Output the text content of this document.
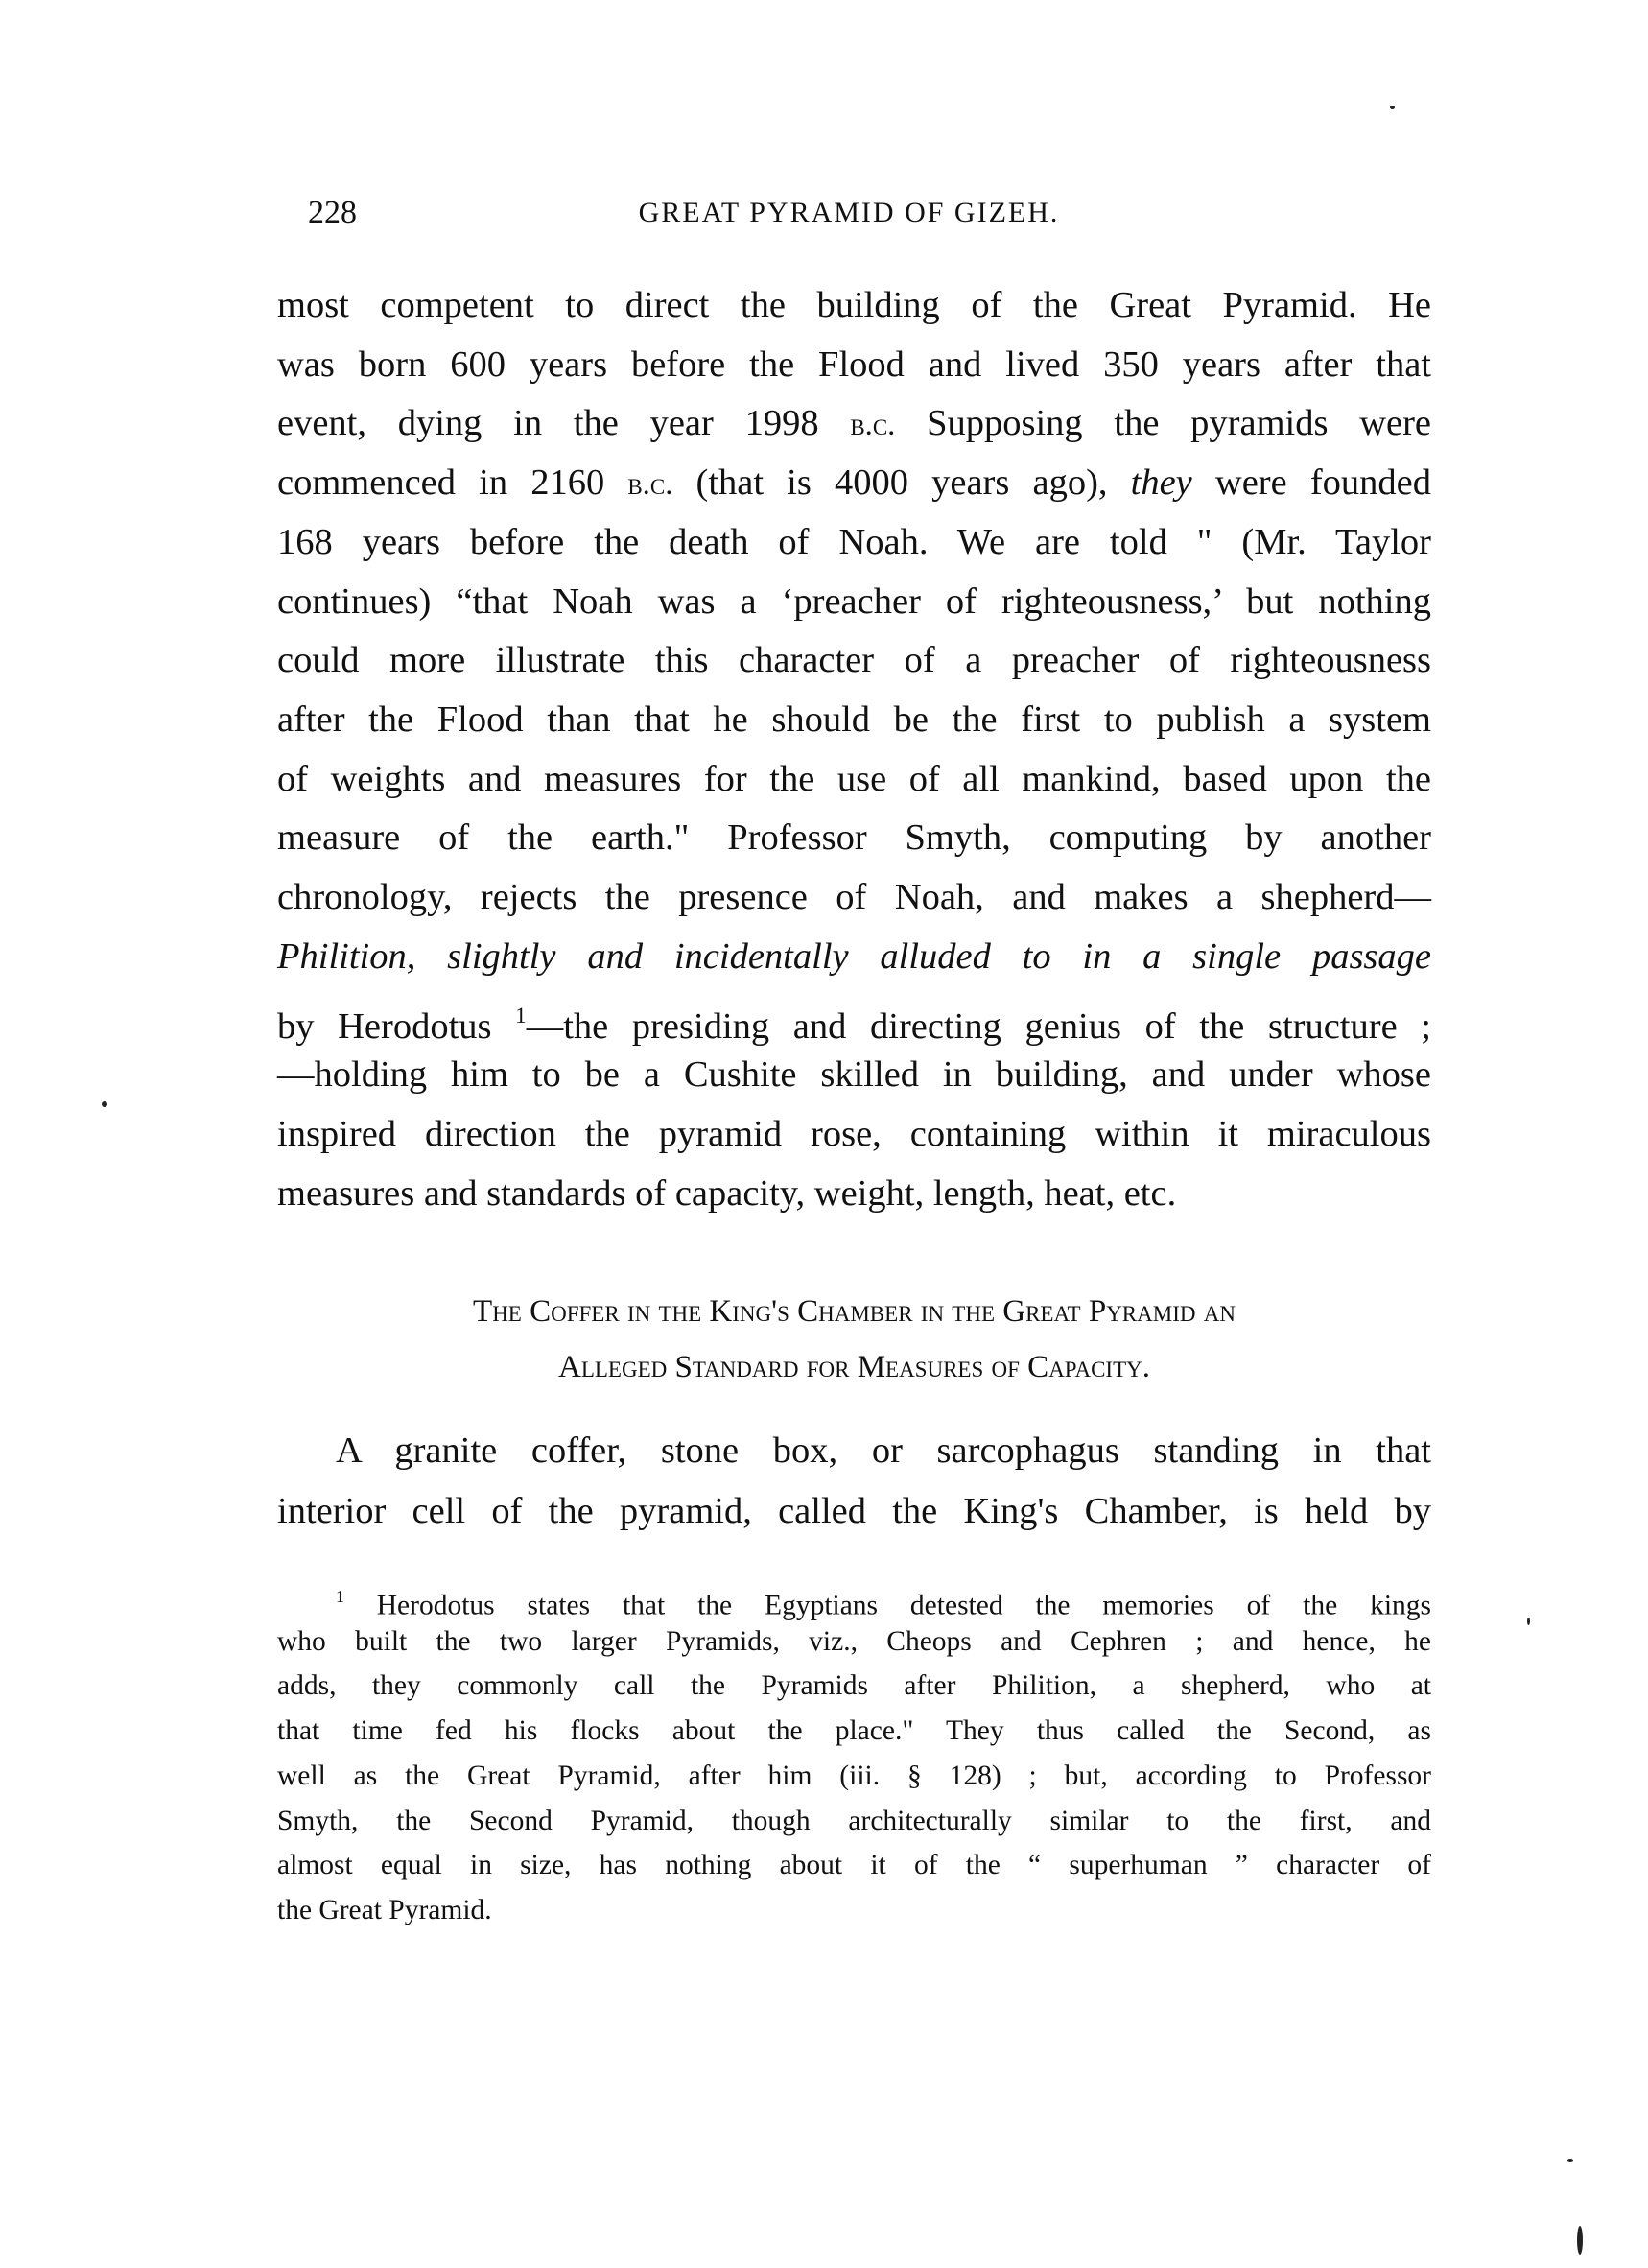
228	GREAT PYRAMID OF GIZEH.
most competent to direct the building of the Great Pyramid. He
was born 600 years before the Flood and lived 350 years after that
event, dying in the year 1998 b.c. Supposing the pyramids were
commenced in 2160 b.c. (that is 4000 years ago), they were founded
168 years before the death of Noah. We are told " (Mr. Taylor
continues) “that Noah was a ‘preacher of righteousness,’ but nothing
could more illustrate this character of a preacher of righteousness
after the Flood than that he should be the first to publish a system
of weights and measures for the use of all mankind, based upon the
measure of the earth." Professor Smyth, computing by another
chronology, rejects the presence of Noah, and makes a shepherd—
Philition, slightly and incidentally alluded to in a single passage
by Herodotus $^1$—the presiding and directing genius of the structure ;
—holding him to be a Cushite skilled in building, and under whose
inspired direction the pyramid rose, containing within it miraculous
measures and standards of capacity, weight, length, heat, etc.
The Coffer in the King's Chamber in the Great Pyramid an
Alleged Standard for Measures of Capacity.
A granite coffer, stone box, or sarcophagus standing in that
interior cell of the pyramid, called the King's Chamber, is held by
$^1$ Herodotus states that the Egyptians detested the memories of the kings
who built the two larger Pyramids, viz., Cheops and Cephren ; and hence, he
adds, they commonly call the Pyramids after Philition, a shepherd, who at
that time fed his flocks about the place." They thus called the Second, as
well as the Great Pyramid, after him (iii. § 128) ; but, according to Professor
Smyth, the Second Pyramid, though architecturally similar to the first, and
almost equal in size, has nothing about it of the “ superhuman ” character of
the Great Pyramid.
